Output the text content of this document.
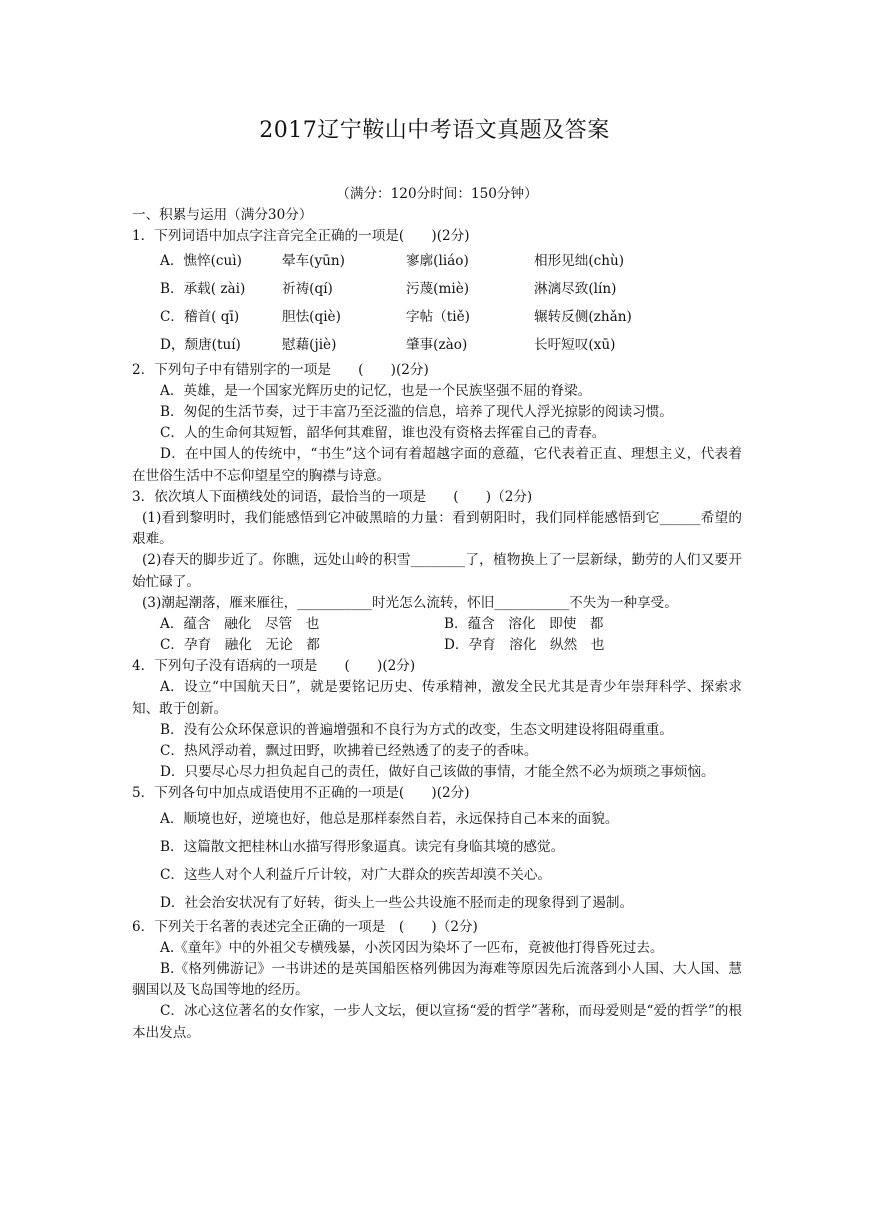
2017辽宁鞍山中考语文真题及答案
（满分：120分时间：150分钟）
一、积累与运用（满分30分）
1．下列词语中加点字注音完全正确的一项是(　　)(2分)
A．憔悴(cuì)	晕车(yūn)	寥廓(liáo)	相形见绌(chù)
B．承载( zài)	祈祷(qí)	污蔑(miè)	淋漓尽致(lín)
C．稽首( qī)	胆怯(qiè)	字帖（tiě)	辗转反侧(zhǎn)
D，颓唐(tuí)	慰藉(jiè)	肇事(zào)	长吁短叹(xū)
2．下列句子中有错别字的一项是　　(　　)(2分)
A．英雄，是一个国家光辉历史的记忆，也是一个民族坚强不屈的脊梁。
B．匆促的生活节奏，过于丰富乃至泛滥的信息，培养了现代人浮光掠影的阅读习惯。
C．人的生命何其短暂，韶华何其难留，谁也没有资格去挥霍自己的青春。
D．在中国人的传统中，“书生”这个词有着超越字面的意蕴，它代表着正直、理想主义，代表着在世俗生活中不忘仰望星空的胸襟与诗意。
3．依次填人下面横线处的词语，最恰当的一项是　　(　　)（2分)
(1)看到黎明时，我们能感悟到它冲破黑暗的力量：看到朝阳时，我们同样能感悟到它______希望的艰难。
(2)春天的脚步近了。你瞧，远处山岭的积雪________了，植物换上了一层新绿，勤劳的人们又要开始忙碌了。
(3)潮起潮落，雁来雁往，___________时光怎么流转，怀旧___________不失为一种享受。
A．蕴含　融化　尽管　也	B．蕴含　溶化　即使　都
C．孕育　融化　无论　都	D．孕育　溶化　纵然　也
4．下列句子没有语病的一项是　　(　　)(2分)
A．设立“中国航天日”，就是要铭记历史、传承精神，激发全民尤其是青少年崇拜科学、探索求知、敢于创新。
B．没有公众环保意识的普遍增强和不良行为方式的改变，生态文明建设将阻碍重重。
C．热风浮动着，飘过田野，吹拂着已经熟透了的麦子的香味。
D．只要尽心尽力担负起自己的责任，做好自己该做的事情，才能全然不必为烦琐之事烦恼。
5．下列各句中加点成语使用不正确的一项是(　　)(2分)
A．顺境也好，逆境也好，他总是那样泰然自若，永远保持自己本来的面貌。
B．这篇散文把桂林山水描写得形象逼真。读完有身临其境的感觉。
C．这些人对个人利益斤斤计较，对广大群众的疾苦却漠不关心。
D．社会治安状况有了好转，街头上一些公共设施不胫而走的现象得到了遏制。
6．下列关于名著的表述完全正确的一项是　(　　)（2分)
A.《童年》中的外祖父专横残暴，小茨冈因为染坏了一匹布，竟被他打得昏死过去。
B.《格列佛游记》一书讲述的是英国船医格列佛因为海难等原因先后流落到小人国、大人国、慧骃国以及飞岛国等地的经历。
C．冰心这位著名的女作家，一步人文坛，便以宣扬“爱的哲学”著称，而母爱则是“爱的哲学”的根本出发点。
